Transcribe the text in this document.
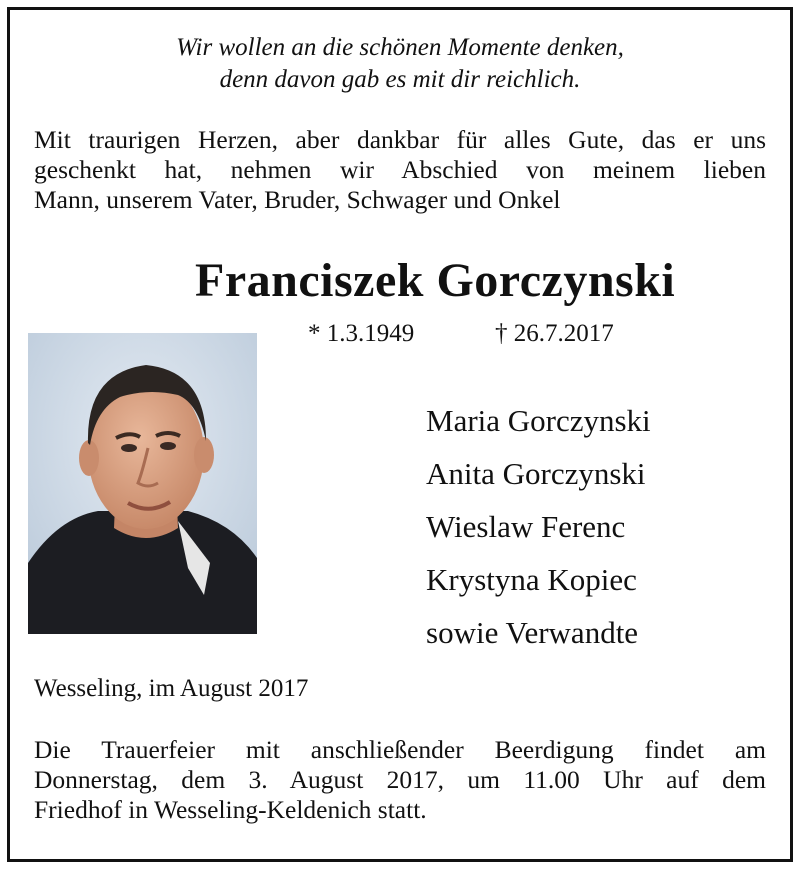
Wir wollen an die schönen Momente denken,
denn davon gab es mit dir reichlich.
Mit traurigen Herzen, aber dankbar für alles Gute, das er uns
geschenkt hat, nehmen wir Abschied von meinem lieben
Mann, unserem Vater, Bruder, Schwager und Onkel
Franciszek Gorczynski
* 1.3.1949	† 26.7.2017
Maria Gorczynski
Anita Gorczynski
Wieslaw Ferenc
Krystyna Kopiec
sowie Verwandte
Wesseling, im August 2017
Die Trauerfeier mit anschließender Beerdigung findet am
Donnerstag, dem 3. August 2017, um 11.00 Uhr auf dem
Friedhof in Wesseling-Keldenich statt.
